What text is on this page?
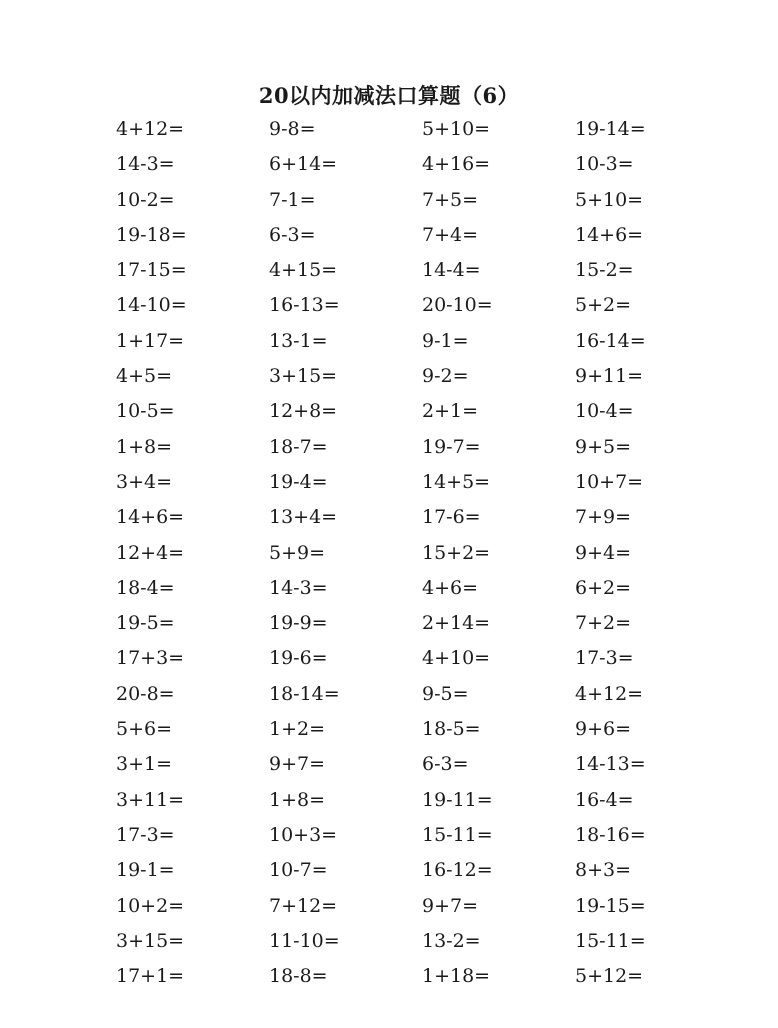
20以内加减法口算题（6）
4+12=	9-8=	5+10=	19-14=
14-3=	6+14=	4+16=	10-3=
10-2=	7-1=	7+5=	5+10=
19-18=	6-3=	7+4=	14+6=
17-15=	4+15=	14-4=	15-2=
14-10=	16-13=	20-10=	5+2=
1+17=	13-1=	9-1=	16-14=
4+5=	3+15=	9-2=	9+11=
10-5=	12+8=	2+1=	10-4=
1+8=	18-7=	19-7=	9+5=
3+4=	19-4=	14+5=	10+7=
14+6=	13+4=	17-6=	7+9=
12+4=	5+9=	15+2=	9+4=
18-4=	14-3=	4+6=	6+2=
19-5=	19-9=	2+14=	7+2=
17+3=	19-6=	4+10=	17-3=
20-8=	18-14=	9-5=	4+12=
5+6=	1+2=	18-5=	9+6=
3+1=	9+7=	6-3=	14-13=
3+11=	1+8=	19-11=	16-4=
17-3=	10+3=	15-11=	18-16=
19-1=	10-7=	16-12=	8+3=
10+2=	7+12=	9+7=	19-15=
3+15=	11-10=	13-2=	15-11=
17+1=	18-8=	1+18=	5+12=
